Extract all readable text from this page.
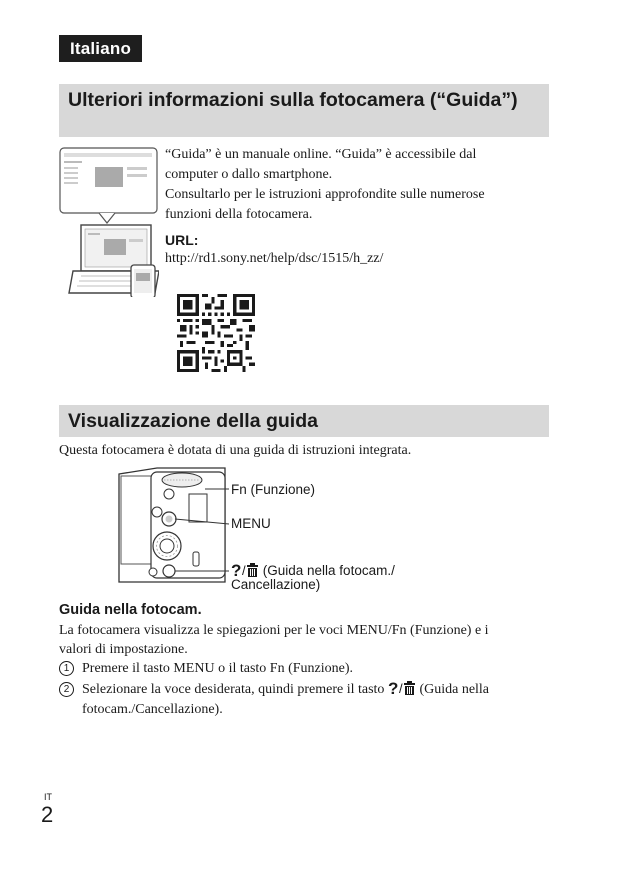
Italiano
Ulteriori informazioni sulla fotocamera (“Guida”)
“Guida” è un manuale online. “Guida” è accessibile dal
computer o dallo smartphone.
Consultarlo per le istruzioni approfondite sulle numerose
funzioni della fotocamera.
URL:
http://rd1.sony.net/help/dsc/1515/h_zz/
Visualizzazione della guida
Questa fotocamera è dotata di una guida di istruzioni integrata.
Fn (Funzione)
MENU
? / (Guida nella fotocam./
Cancellazione)
Guida nella fotocam.
La fotocamera visualizza le spiegazioni per le voci MENU/Fn (Funzione) e i
valori di impostazione.
1 Premere il tasto MENU o il tasto Fn (Funzione).
2 Selezionare la voce desiderata, quindi premere il tasto ? / (Guida nella
fotocam./Cancellazione).
IT
2
